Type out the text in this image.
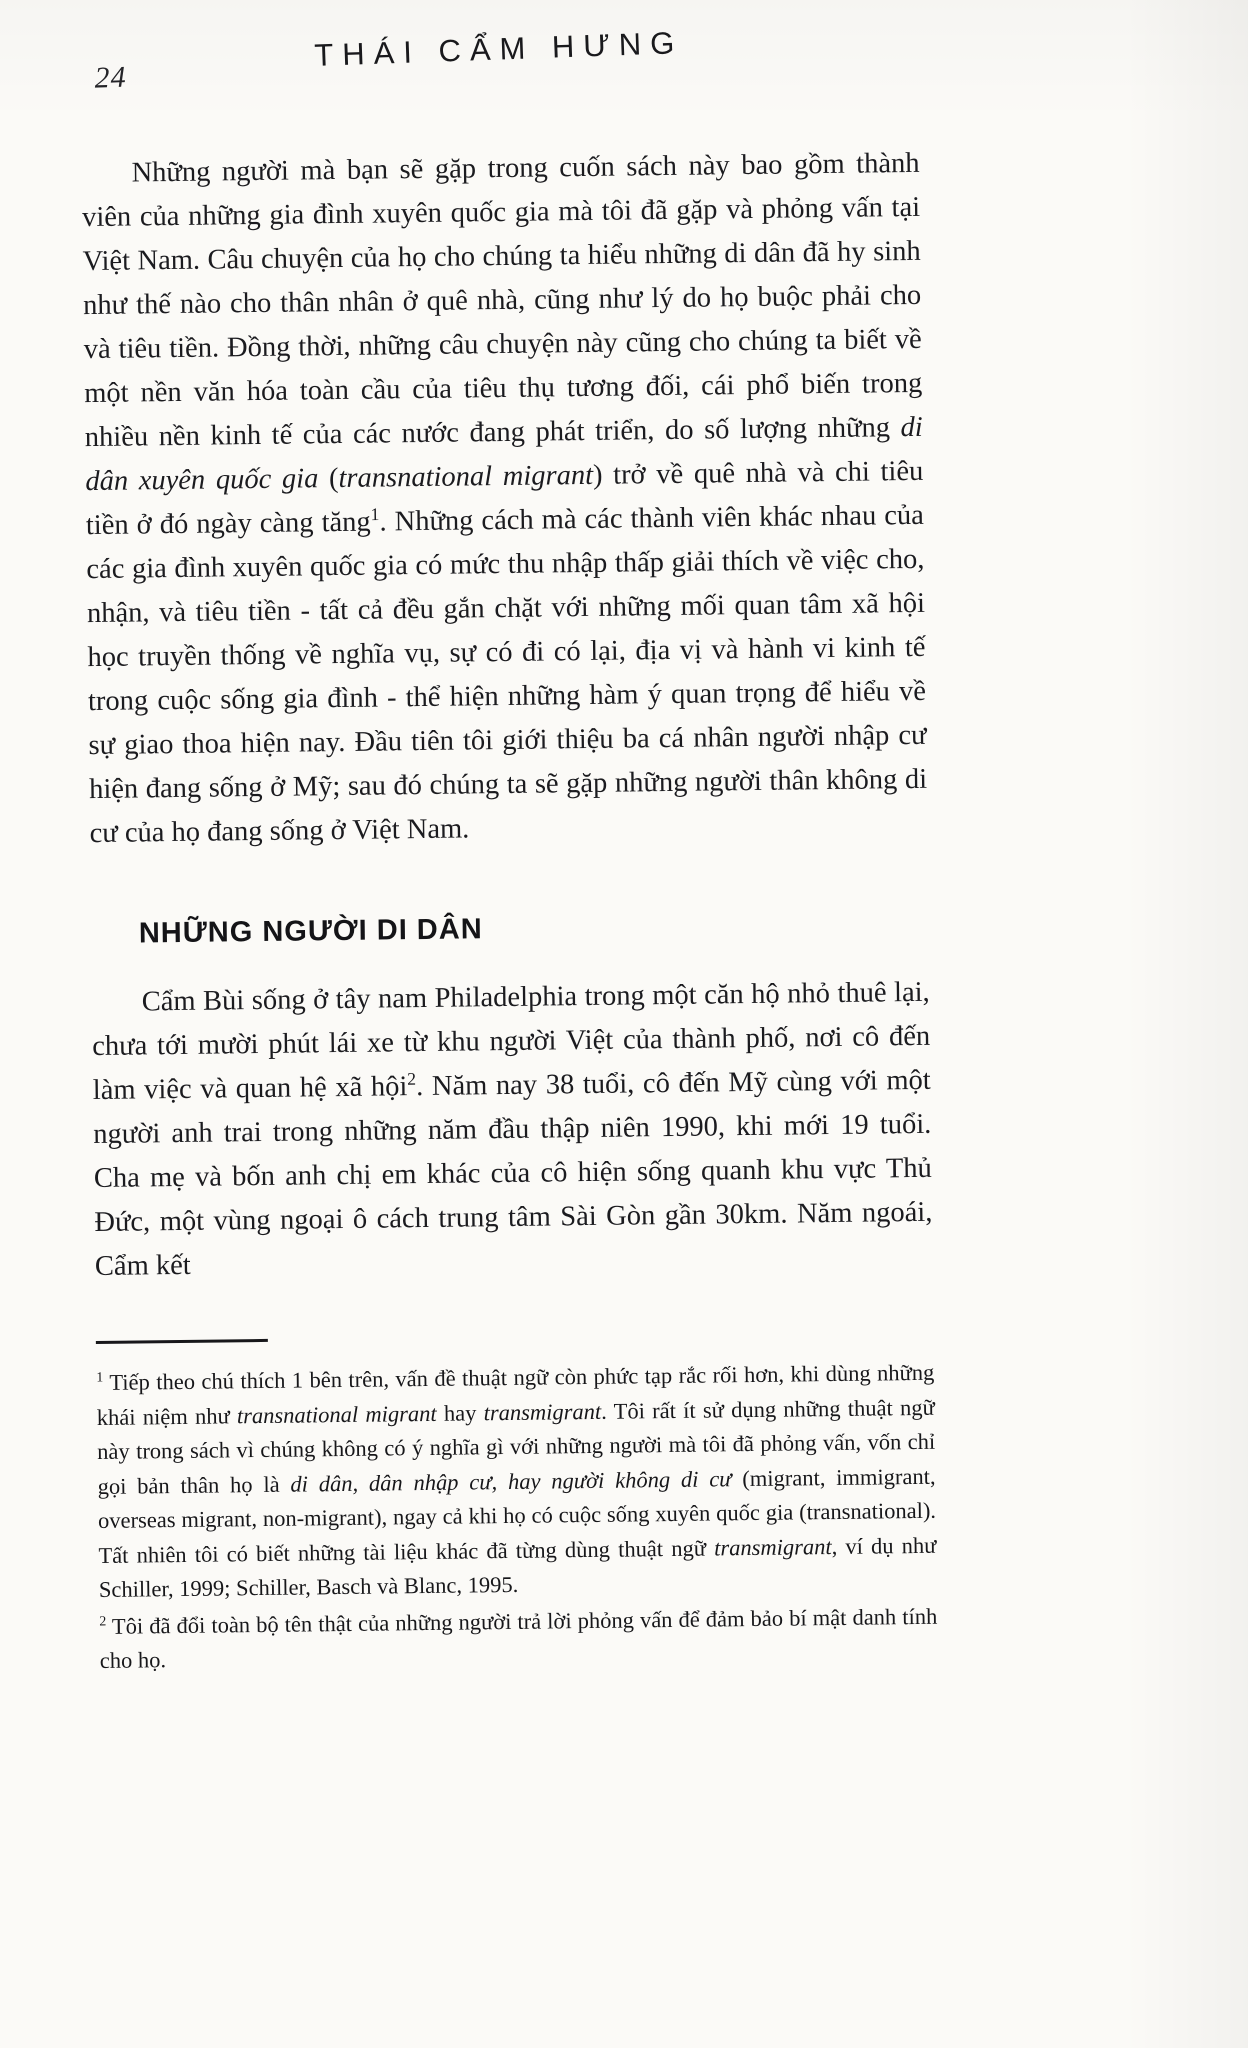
24
THÁI CẨM HƯNG

Những người mà bạn sẽ gặp trong cuốn sách này bao gồm thành viên của những gia đình xuyên quốc gia mà tôi đã gặp và phỏng vấn tại Việt Nam. Câu chuyện của họ cho chúng ta hiểu những di dân đã hy sinh như thế nào cho thân nhân ở quê nhà, cũng như lý do họ buộc phải cho và tiêu tiền. Đồng thời, những câu chuyện này cũng cho chúng ta biết về một nền văn hóa toàn cầu của tiêu thụ tương đối, cái phổ biến trong nhiều nền kinh tế của các nước đang phát triển, do số lượng những di dân xuyên quốc gia (transnational migrant) trở về quê nhà và chi tiêu tiền ở đó ngày càng tăng$^1$. Những cách mà các thành viên khác nhau của các gia đình xuyên quốc gia có mức thu nhập thấp giải thích về việc cho, nhận, và tiêu tiền - tất cả đều gắn chặt với những mối quan tâm xã hội học truyền thống về nghĩa vụ, sự có đi có lại, địa vị và hành vi kinh tế trong cuộc sống gia đình - thể hiện những hàm ý quan trọng để hiểu về sự giao thoa hiện nay. Đầu tiên tôi giới thiệu ba cá nhân người nhập cư hiện đang sống ở Mỹ; sau đó chúng ta sẽ gặp những người thân không di cư của họ đang sống ở Việt Nam.

NHỮNG NGƯỜI DI DÂN

Cẩm Bùi sống ở tây nam Philadelphia trong một căn hộ nhỏ thuê lại, chưa tới mười phút lái xe từ khu người Việt của thành phố, nơi cô đến làm việc và quan hệ xã hội$^2$. Năm nay 38 tuổi, cô đến Mỹ cùng với một người anh trai trong những năm đầu thập niên 1990, khi mới 19 tuổi. Cha mẹ và bốn anh chị em khác của cô hiện sống quanh khu vực Thủ Đức, một vùng ngoại ô cách trung tâm Sài Gòn gần 30km. Năm ngoái, Cẩm kết

$^1$ Tiếp theo chú thích 1 bên trên, vấn đề thuật ngữ còn phức tạp rắc rối hơn, khi dùng những khái niệm như transnational migrant hay transmigrant. Tôi rất ít sử dụng những thuật ngữ này trong sách vì chúng không có ý nghĩa gì với những người mà tôi đã phỏng vấn, vốn chỉ gọi bản thân họ là di dân, dân nhập cư, hay người không di cư (migrant, immigrant, overseas migrant, non-migrant), ngay cả khi họ có cuộc sống xuyên quốc gia (transnational). Tất nhiên tôi có biết những tài liệu khác đã từng dùng thuật ngữ transmigrant, ví dụ như Schiller, 1999; Schiller, Basch và Blanc, 1995.

$^2$ Tôi đã đổi toàn bộ tên thật của những người trả lời phỏng vấn để đảm bảo bí mật danh tính cho họ.
